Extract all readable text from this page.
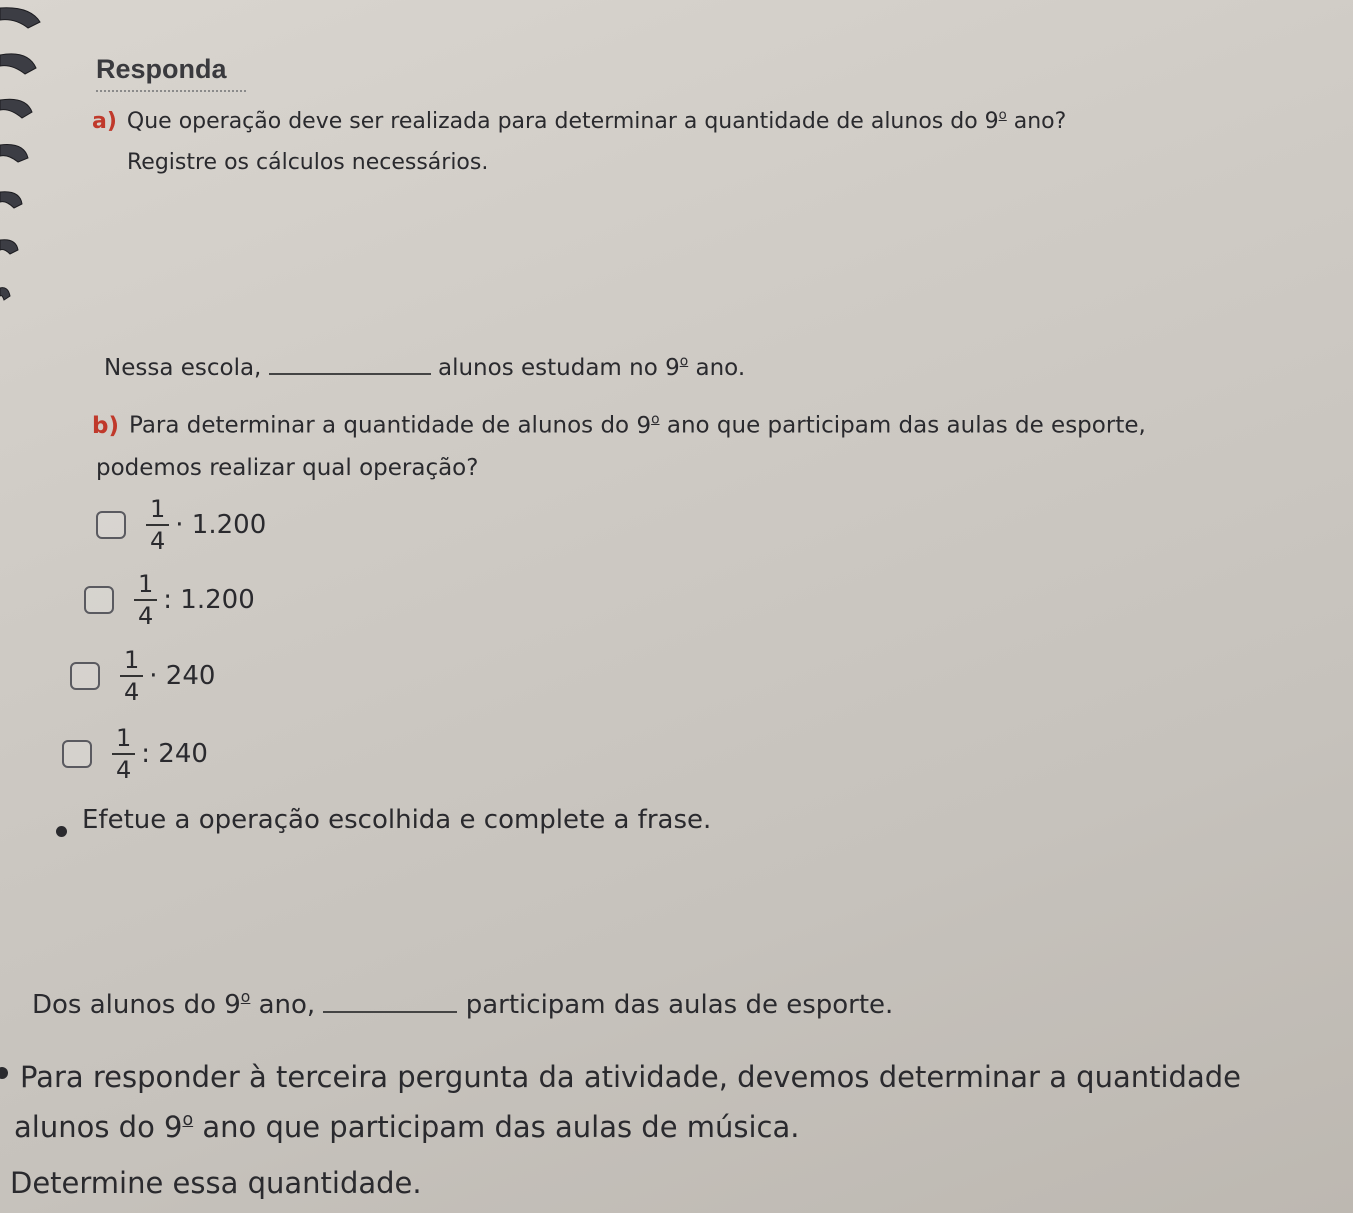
Responda
a) Que operação deve ser realizada para determinar a quantidade de alunos do 9$^o$ ano?
Registre os cálculos necessários.
Nessa escola,	alunos estudam no 9$^o$ ano.
b) Para determinar a quantidade de alunos do 9$^o$ ano que participam das aulas de esporte,
podemos realizar qual operação?
$\frac{1}{4} \cdot 1.200$
$\frac{1}{4}$ : 1.200
$\frac{1}{4} \cdot 240$
$\frac{1}{4}$ : 240
Efetue a operação escolhida e complete a frase.
Dos alunos do 9$^o$ ano,	participam das aulas de esporte.
Para responder à terceira pergunta da atividade, devemos determinar a quantidade
alunos do 9$^o$ ano que participam das aulas de música.
Determine essa quantidade.
